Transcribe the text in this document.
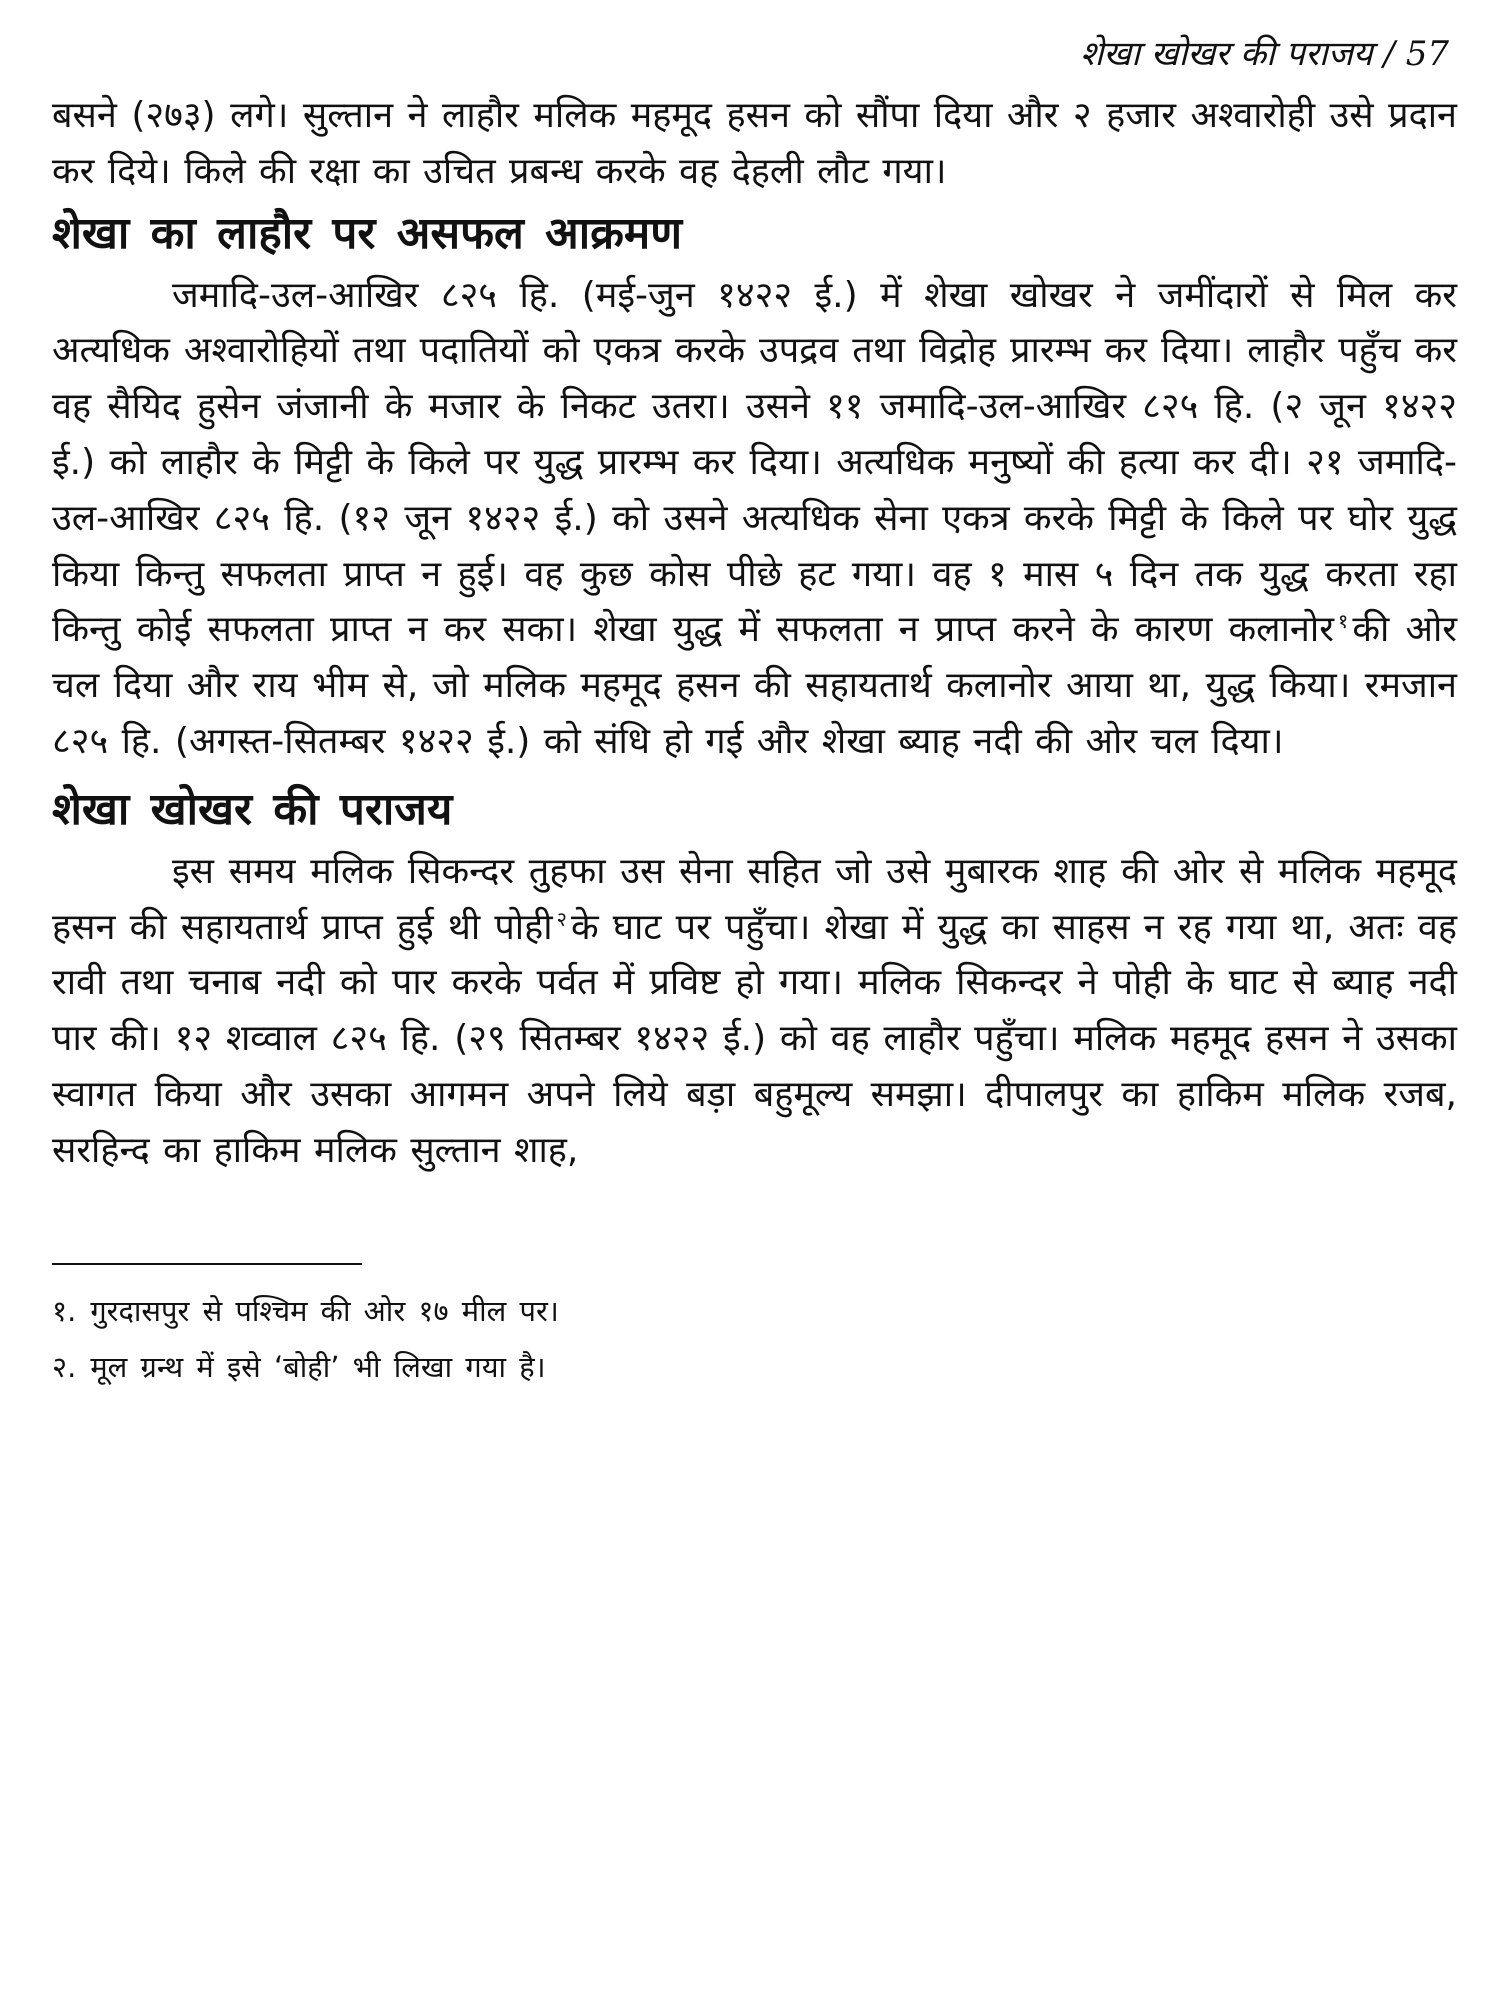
शेखा खोखर की पराजय / 57

बसने (२७३) लगे। सुल्तान ने लाहौर मलिक महमूद हसन को सौंपा दिया और २ हजार अश्वारोही उसे प्रदान कर दिये। किले की रक्षा का उचित प्रबन्ध करके वह देहली लौट गया।

शेखा का लाहौर पर असफल आक्रमण

जमादि-उल-आखिर ८२५ हि. (मई-जुन १४२२ ई.) में शेखा खोखर ने जमींदारों से मिल कर अत्यधिक अश्वारोहियों तथा पदातियों को एकत्र करके उपद्रव तथा विद्रोह प्रारम्भ कर दिया। लाहौर पहुँच कर वह सैयिद हुसेन जंजानी के मजार के निकट उतरा। उसने ११ जमादि-उल-आखिर ८२५ हि. (२ जून १४२२ ई.) को लाहौर के मिट्टी के किले पर युद्ध प्रारम्भ कर दिया। अत्यधिक मनुष्यों की हत्या कर दी। २१ जमादि-उल-आखिर ८२५ हि. (१२ जून १४२२ ई.) को उसने अत्यधिक सेना एकत्र करके मिट्टी के किले पर घोर युद्ध किया किन्तु सफलता प्राप्त न हुई। वह कुछ कोस पीछे हट गया। वह १ मास ५ दिन तक युद्ध करता रहा किन्तु कोई सफलता प्राप्त न कर सका। शेखा युद्ध में सफलता न प्राप्त करने के कारण कलानोर $^१$ की ओर चल दिया और राय भीम से, जो मलिक महमूद हसन की सहायतार्थ कलानोर आया था, युद्ध किया। रमजान ८२५ हि. (अगस्त-सितम्बर १४२२ ई.) को संधि हो गई और शेखा ब्याह नदी की ओर चल दिया।

शेखा खोखर की पराजय

इस समय मलिक सिकन्दर तुहफा उस सेना सहित जो उसे मुबारक शाह की ओर से मलिक महमूद हसन की सहायतार्थ प्राप्त हुई थी पोही $^२$ के घाट पर पहुँचा। शेखा में युद्ध का साहस न रह गया था, अतः वह रावी तथा चनाब नदी को पार करके पर्वत में प्रविष्ट हो गया। मलिक सिकन्दर ने पोही के घाट से ब्याह नदी पार की। १२ शव्वाल ८२५ हि. (२९ सितम्बर १४२२ ई.) को वह लाहौर पहुँचा। मलिक महमूद हसन ने उसका स्वागत किया और उसका आगमन अपने लिये बड़ा बहुमूल्य समझा। दीपालपुर का हाकिम मलिक रजब, सरहिन्द का हाकिम मलिक सुल्तान शाह,

१. गुरदासपुर से पश्चिम की ओर १७ मील पर।

२. मूल ग्रन्थ में इसे ‘बोही’ भी लिखा गया है।
